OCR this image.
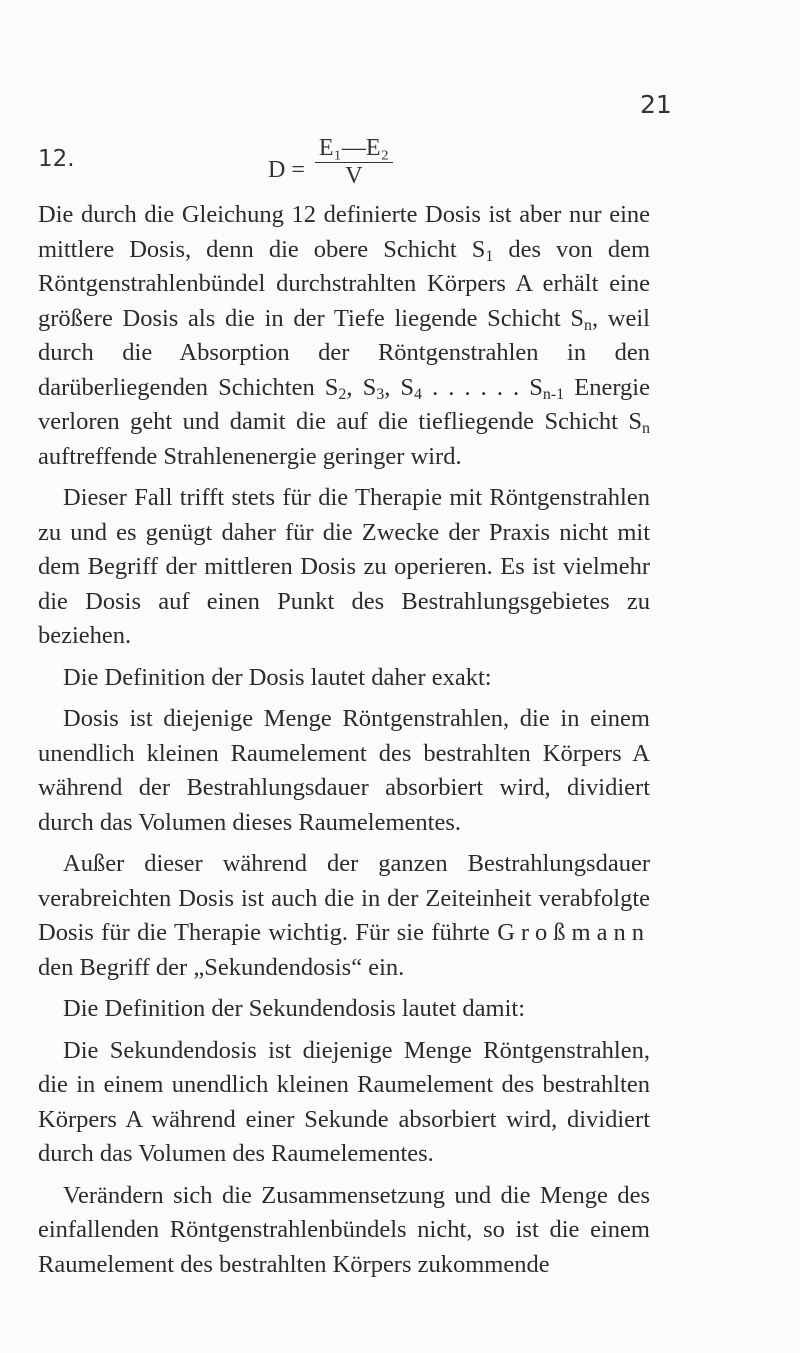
21
12.	$D = \frac{\text{E₁—E₂}}{V}$

Die durch die Gleichung 12 definierte Dosis ist aber nur eine mittlere Dosis, denn die obere Schicht $S_1$ des von dem Röntgenstrahlenbündel durchstrahlten Körpers A erhält eine größere Dosis als die in der Tiefe liegende Schicht $S_n$, weil durch die Absorption der Röntgenstrahlen in den darüberliegenden Schichten $S_2$, $S_3$, $S_4$ . . . . . . $S_{n-1}$ Energie verloren geht und damit die auf die tiefliegende Schicht $S_n$ auftreffende Strahlenenergie geringer wird.

Dieser Fall trifft stets für die Therapie mit Röntgenstrahlen zu und es genügt daher für die Zwecke der Praxis nicht mit dem Begriff der mittleren Dosis zu operieren. Es ist vielmehr die Dosis auf einen Punkt des Bestrahlungsgebietes zu beziehen.

Die Definition der Dosis lautet daher exakt:

Dosis ist diejenige Menge Röntgenstrahlen, die in einem unendlich kleinen Raumelement des bestrahlten Körpers A während der Bestrahlungsdauer absorbiert wird, dividiert durch das Volumen dieses Raumelementes.

Außer dieser während der ganzen Bestrahlungsdauer verabreichten Dosis ist auch die in der Zeiteinheit verabfolgte Dosis für die Therapie wichtig. Für sie führte Großmann den Begriff der „Sekundendosis“ ein.

Die Definition der Sekundendosis lautet damit:

Die Sekundendosis ist diejenige Menge Röntgenstrahlen, die in einem unendlich kleinen Raumelement des bestrahlten Körpers A während einer Sekunde absorbiert wird, dividiert durch das Volumen des Raumelementes.

Verändern sich die Zusammensetzung und die Menge des einfallenden Röntgenstrahlenbündels nicht, so ist die einem Raumelement des bestrahlten Körpers zukommende
